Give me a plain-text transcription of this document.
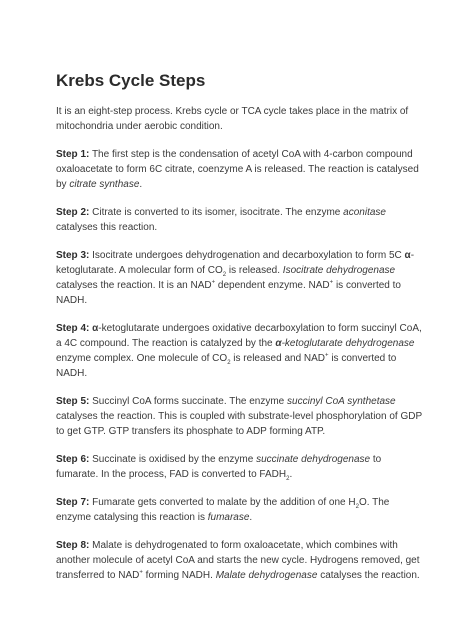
Krebs Cycle Steps

It is an eight-step process. Krebs cycle or TCA cycle takes place in the matrix of mitochondria under aerobic condition.

Step 1: The first step is the condensation of acetyl CoA with 4-carbon compound oxaloacetate to form 6C citrate, coenzyme A is released. The reaction is catalysed by citrate synthase.

Step 2: Citrate is converted to its isomer, isocitrate. The enzyme aconitase catalyses this reaction.

Step 3: Isocitrate undergoes dehydrogenation and decarboxylation to form 5C α-ketoglutarate. A molecular form of $CO_2$ is released. Isocitrate dehydrogenase catalyses the reaction. It is an NAD+ dependent enzyme. NAD+ is converted to NADH.

Step 4: α-ketoglutarate undergoes oxidative decarboxylation to form succinyl CoA, a 4C compound. The reaction is catalyzed by the α-ketoglutarate dehydrogenase enzyme complex. One molecule of $CO_2$ is released and NAD+ is converted to NADH.

Step 5: Succinyl CoA forms succinate. The enzyme succinyl CoA synthetase catalyses the reaction. This is coupled with substrate-level phosphorylation of GDP to get GTP. GTP transfers its phosphate to ADP forming ATP.

Step 6: Succinate is oxidised by the enzyme succinate dehydrogenase to fumarate. In the process, FAD is converted to $FADH_2$.

Step 7: Fumarate gets converted to malate by the addition of one $H_2O$. The enzyme catalysing this reaction is fumarase.

Step 8: Malate is dehydrogenated to form oxaloacetate, which combines with another molecule of acetyl CoA and starts the new cycle. Hydrogens removed, get transferred to NAD+ forming NADH. Malate dehydrogenase catalyses the reaction.
